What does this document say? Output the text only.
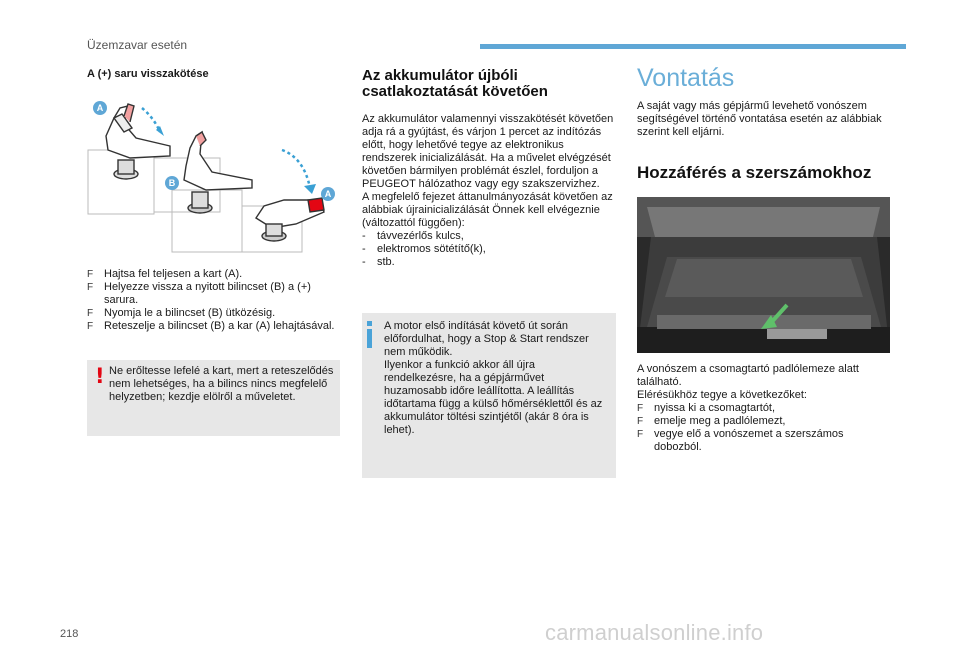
Üzemzavar esetén
A (+) saru visszakötése
A
B
A
F Hajtsa fel teljesen a kart (A).
F Helyezze vissza a nyitott bilincset (B) a (+) sarura.
F Nyomja le a bilincset (B) ütközésig.
F Reteszelje a bilincset (B) a kar (A) lehajtásával.
! Ne erőltesse lefelé a kart, mert a reteszelődés nem lehetséges, ha a bilincs nincs megfelelő helyzetben; kezdje elölről a műveletet.
Az akkumulátor újbóli csatlakoztatását követően

Az akkumulátor valamennyi visszakötését követően adja rá a gyújtást, és várjon 1 percet az indítózás előtt, hogy lehetővé tegye az elektronikus rendszerek inicializálását. Ha a művelet elvégzését követően bármilyen problémát észlel, forduljon a PEUGEOT hálózathoz vagy egy szakszervizhez.

A megfelelő fejezet áttanulmányozását követően az alábbiak újrainicializálását Önnek kell elvégeznie (változattól függően):

- távvezérlős kulcs,
- elektromos sötétítő(k),
- stb.
A motor első indítását követő út során előfordulhat, hogy a Stop & Start rendszer nem működik.
Ilyenkor a funkció akkor áll újra rendelkezésre, ha a gépjárművet huzamosabb időre leállította. A leállítás időtartama függ a külső hőmérséklettől és az akkumulátor töltési szintjétől (akár 8 óra is lehet).
Vontatás
A saját vagy más gépjármű levehető vonószem segítségével történő vontatása esetén az alábbiak szerint kell eljárni.
Hozzáférés a szerszámokhoz

A vonószem a csomagtartó padlólemeze alatt található.

Elérésükhöz tegye a következőket:

F nyissa ki a csomagtartót,
F emelje meg a padlólemezt,
F vegye elő a vonószemet a szerszámos dobozból.
218	carmanualsonline.info
